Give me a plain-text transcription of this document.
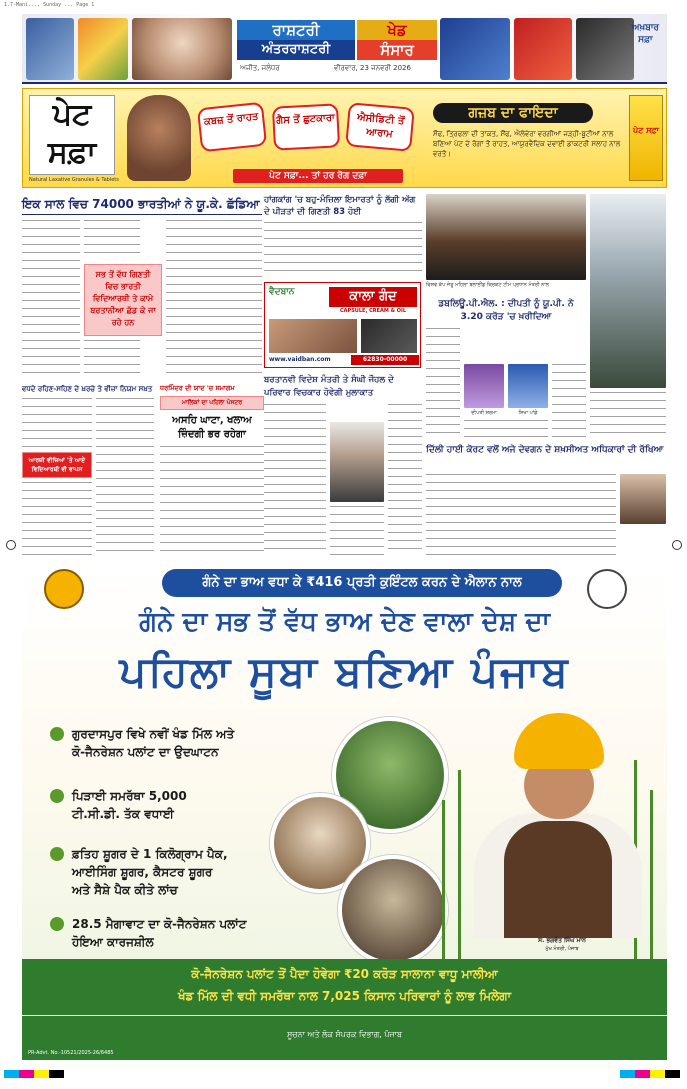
1.7-Mani..., Sunday ... Page 1
ਰਾਸ਼ਟਰੀ
ਅੰਤਰਰਾਸ਼ਟਰੀ
ਖੇਡ
ਸੰਸਾਰ
ਅਜੀਤ, ਜਲੰਧਰ	ਵੀਰਵਾਰ, 23 ਜਨਵਰੀ 2026
ਅਖ਼ਬਾਰ
ਸਫ਼ਾ
ਪੇਟ
ਸਫ਼ਾ
Natural Laxative Granules & Tablets
ਕਬਜ਼ ਤੋਂ ਰਾਹਤ	ਗੈਸ ਤੋਂ ਛੁਟਕਾਰਾ	ਐਸੀਡਿਟੀ ਤੋਂ ਆਰਾਮ
ਪੇਟ ਸਫ਼ਾ... ਤਾਂ ਹਰ ਰੋਗ ਦਫ਼ਾ
ਗਜ਼ਬ ਦਾ ਫਾਇਦਾ
ਸੌਂਫ, ਤ੍ਰਿਫਲਾ ਦੀ ਤਾਕਤ, ਸੌਂਫ, ਐਲੋਵੇਰਾ ਵਰਗੀਆਂ ਜੜ੍ਹੀ-ਬੂਟੀਆਂ ਨਾਲ ਬਣਿਆ ਪੇਟ ਦੇ ਰੋਗਾਂ ਤੋਂ ਰਾਹਤ, ਆਯੁਰਵੈਦਿਕ ਦਵਾਈ ਡਾਕਟਰੀ ਸਲਾਹ ਨਾਲ ਵਰਤੋ।
ਪੇਟ ਸਫ਼ਾ
ਇਕ ਸਾਲ ਵਿਚ 74000 ਭਾਰਤੀਆਂ ਨੇ ਯੂ.ਕੇ. ਛੱਡਿਆ
ਸਭ ਤੋਂ ਵੱਧ ਗਿਣਤੀ ਵਿਚ ਭਾਰਤੀ ਵਿਦਿਆਰਥੀ ਤੇ ਕਾਮੇ ਬਰਤਾਨੀਆ ਛੱਡ ਕੇ ਜਾ ਰਹੇ ਹਨ
ਵਧਦੇ ਰਹਿਣ-ਸਹਿਣ ਦੇ ਖ਼ਰਚੇ ਤੇ ਵੀਜ਼ਾ ਨਿਯਮ ਸਖ਼ਤ
ਆਰਜ਼ੀ ਵੀਜ਼ਿਆਂ 'ਤੇ ਆਏ ਵਿਦਿਆਰਥੀ ਵੀ ਵਾਪਸ
ਧਰਮਿੰਦਰ ਦੀ ਯਾਦ 'ਚ ਸਮਾਗਮ
ਮਾਲਿਕਾਂ ਦਾ ਪਹਿਲਾ ਪੋਸਟਰ
ਅਸਹਿ ਘਾਟਾ, ਖਲਾਅ ਜ਼ਿੰਦਗੀ ਭਰ ਰਹੇਗਾ
ਹਾਂਗਕਾਂਗ 'ਚ ਬਹੁ-ਮੰਜ਼ਿਲਾ ਇਮਾਰਤਾਂ ਨੂੰ ਲੱਗੀ ਅੱਗ ਦੇ ਪੀੜਤਾਂ ਦੀ ਗਿਣਤੀ 83 ਹੋਈ
ਵੈਦਬਾਨ	ਕਾਲਾ ਗੰਦ
CAPSULE, CREAM & OIL
www.vaidban.com	62830-00000
ਬਰਤਾਨਵੀ ਵਿਦੇਸ਼ ਮੰਤਰੀ ਤੇ ਸੰਘੀ ਜੌਹਲ ਦੇ ਪਰਿਵਾਰ ਵਿਚਕਾਰ ਹੋਵੇਗੀ ਮੁਲਾਕਾਤ
ਵਿਸ਼ਵ ਕੱਪ ਜੇਤੂ ਮਹਿਲਾ ਬਲਾਈਂਡ ਕ੍ਰਿਕਟ ਟੀਮ ਪ੍ਰਧਾਨ ਮੰਤਰੀ ਨਾਲ
ਡਬਲਿਊ.ਪੀ.ਐਲ. : ਦੀਪਤੀ ਨੂੰ ਯੂ.ਪੀ. ਨੇ 3.20 ਕਰੋੜ 'ਚ ਖ਼ਰੀਦਿਆ
ਦੀਪਤੀ ਸ਼ਰਮਾ	ਸ਼ਿਖਾ ਪਾਂਡੇ
ਦਿੱਲੀ ਹਾਈ ਕੋਰਟ ਵਲੋਂ ਅਜੇ ਦੇਵਗਨ ਦੇ ਸ਼ਖ਼ਸੀਅਤ ਅਧਿਕਾਰਾਂ ਦੀ ਰੱਖਿਆ
ਗੰਨੇ ਦਾ ਭਾਅ ਵਧਾ ਕੇ ₹416 ਪ੍ਰਤੀ ਕੁਇੰਟਲ ਕਰਨ ਦੇ ਐਲਾਨ ਨਾਲ
ਗੰਨੇ ਦਾ ਸਭ ਤੋਂ ਵੱਧ ਭਾਅ ਦੇਣ ਵਾਲਾ ਦੇਸ਼ ਦਾ
ਪਹਿਲਾ ਸੂਬਾ ਬਣਿਆ ਪੰਜਾਬ
ਗੁਰਦਾਸਪੁਰ ਵਿਖੇ ਨਵੀਂ ਖੰਡ ਮਿੱਲ ਅਤੇ
ਕੋ-ਜੈਨਰੇਸ਼ਨ ਪਲਾਂਟ ਦਾ ਉਦਘਾਟਨ
ਪਿੜਾਈ ਸਮਰੱਥਾ 5,000
ਟੀ.ਸੀ.ਡੀ. ਤੱਕ ਵਧਾਈ
ਫ਼ਤਿਹ ਸ਼ੂਗਰ ਦੇ 1 ਕਿਲੋਗ੍ਰਾਮ ਪੈਕ,
ਆਈਸਿੰਗ ਸ਼ੂਗਰ, ਕੈਸਟਰ ਸ਼ੂਗਰ
ਅਤੇ ਸੈਸ਼ੇ ਪੈਕ ਕੀਤੇ ਲਾਂਚ
28.5 ਮੈਗਾਵਾਟ ਦਾ ਕੋ-ਜੈਨਰੇਸ਼ਨ ਪਲਾਂਟ
ਹੋਇਆ ਕਾਰਜਸ਼ੀਲ	ਸ. ਭਗਵੰਤ ਸਿੰਘ ਮਾਨ
ਮੁੱਖ ਮੰਤਰੀ, ਪੰਜਾਬ
ਕੋ-ਜੈਨਰੇਸ਼ਨ ਪਲਾਂਟ ਤੋਂ ਪੈਦਾ ਹੋਵੇਗਾ ₹20 ਕਰੋੜ ਸਾਲਾਨਾ ਵਾਧੂ ਮਾਲੀਆ
ਖੰਡ ਮਿੱਲ ਦੀ ਵਧੀ ਸਮਰੱਥਾ ਨਾਲ 7,025 ਕਿਸਾਨ ਪਰਿਵਾਰਾਂ ਨੂੰ ਲਾਭ ਮਿਲੇਗਾ
ਸੂਚਨਾ ਅਤੇ ਲੋਕ ਸੰਪਰਕ ਵਿਭਾਗ, ਪੰਜਾਬ
PR-Advt. No.-10521/2025-26/6485
